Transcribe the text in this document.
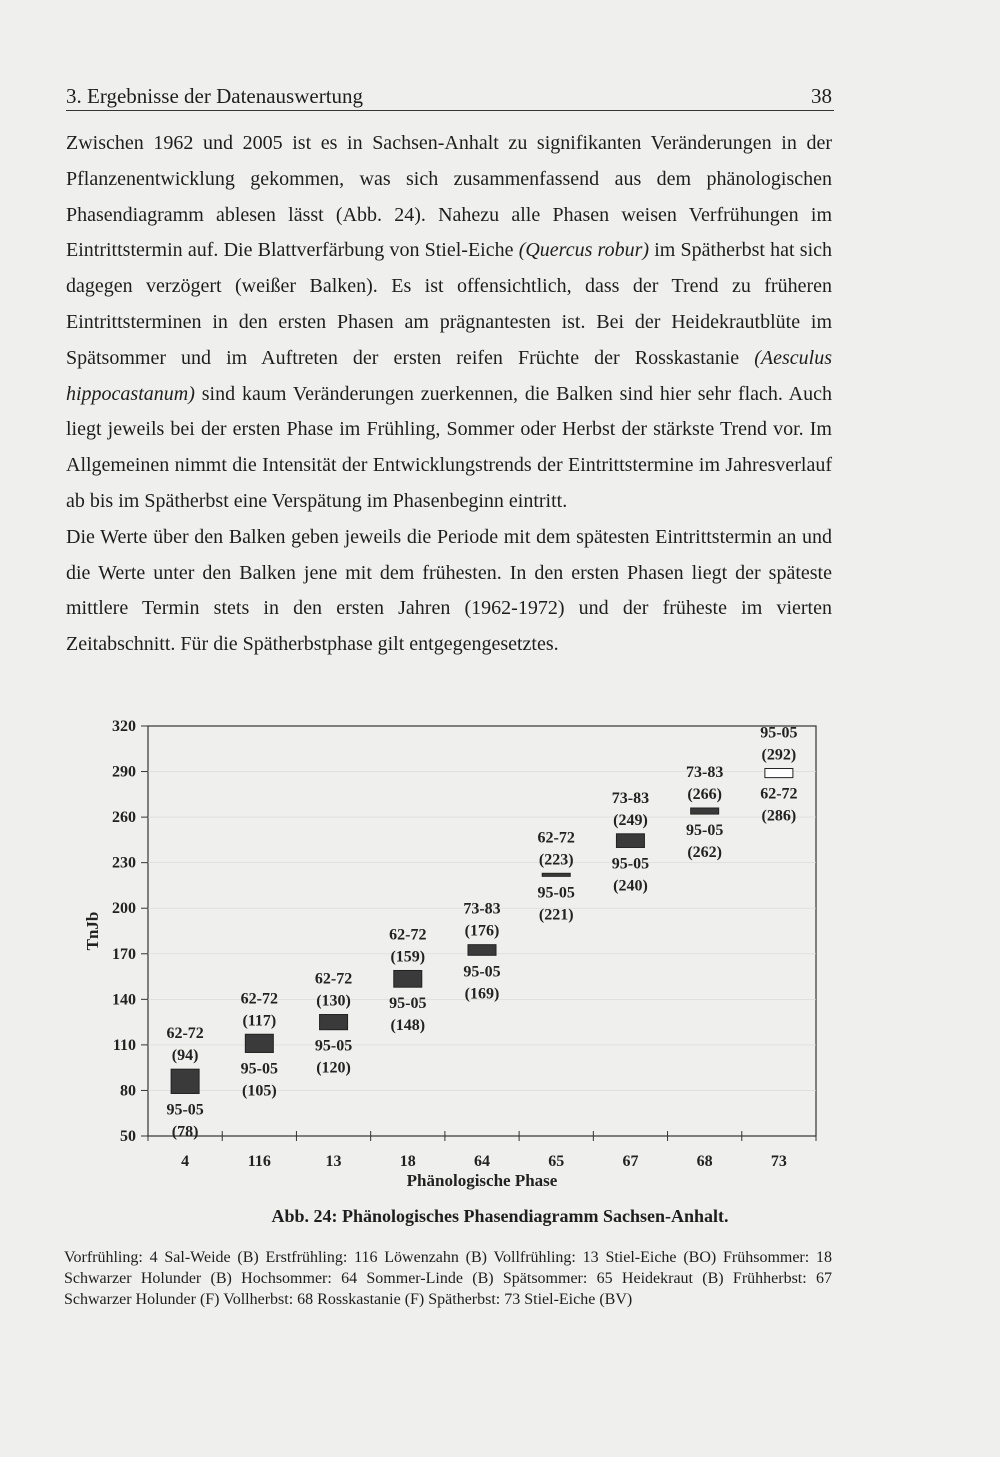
3. Ergebnisse der Datenauswertung	38

Zwischen 1962 und 2005 ist es in Sachsen-Anhalt zu signifikanten Veränderungen in der Pflanzenentwicklung gekommen, was sich zusammenfassend aus dem phänologischen Phasendiagramm ablesen lässt (Abb. 24). Nahezu alle Phasen weisen Verfrühungen im Eintrittstermin auf. Die Blattverfärbung von Stiel-Eiche (Quercus robur) im Spätherbst hat sich dagegen verzögert (weißer Balken). Es ist offensichtlich, dass der Trend zu früheren Eintrittsterminen in den ersten Phasen am prägnantesten ist. Bei der Heidekrautblüte im Spätsommer und im Auftreten der ersten reifen Früchte der Rosskastanie (Aesculus hippocastanum) sind kaum Veränderungen zuerkennen, die Balken sind hier sehr flach. Auch liegt jeweils bei der ersten Phase im Frühling, Sommer oder Herbst der stärkste Trend vor. Im Allgemeinen nimmt die Intensität der Entwicklungstrends der Eintrittstermine im Jahresverlauf ab bis im Spätherbst eine Verspätung im Phasenbeginn eintritt.

Die Werte über den Balken geben jeweils die Periode mit dem spätesten Eintrittstermin an und die Werte unter den Balken jene mit dem frühesten. In den ersten Phasen liegt der späteste mittlere Termin stets in den ersten Jahren (1962-1972) und der früheste im vierten Zeitabschnitt. Für die Spätherbstphase gilt entgegengesetztes.

320
290
260
230
200
170
140
110
80
50
4	116	13	18	64	65	67	68	73
Phänologische Phase
TnJb
62-72
(94)
95-05
(78)
62-72
(117)
95-05
(105)
62-72
(130)
95-05
(120)
62-72
(159)
95-05
(148)
73-83
(176)
95-05
(169)
62-72
(223)
95-05
(221)
73-83
(249)
95-05
(240)
73-83
(266)
95-05
(262)
95-05
(292)
62-72
(286)
Abb. 24: Phänologisches Phasendiagramm Sachsen-Anhalt.
Vorfrühling: 4 Sal-Weide (B) Erstfrühling: 116 Löwenzahn (B) Vollfrühling: 13 Stiel-Eiche (BO) Frühsommer: 18 Schwarzer Holunder (B) Hochsommer: 64 Sommer-Linde (B) Spätsommer: 65 Heidekraut (B) Frühherbst: 67 Schwarzer Holunder (F) Vollherbst: 68 Rosskastanie (F) Spätherbst: 73 Stiel-Eiche (BV)
